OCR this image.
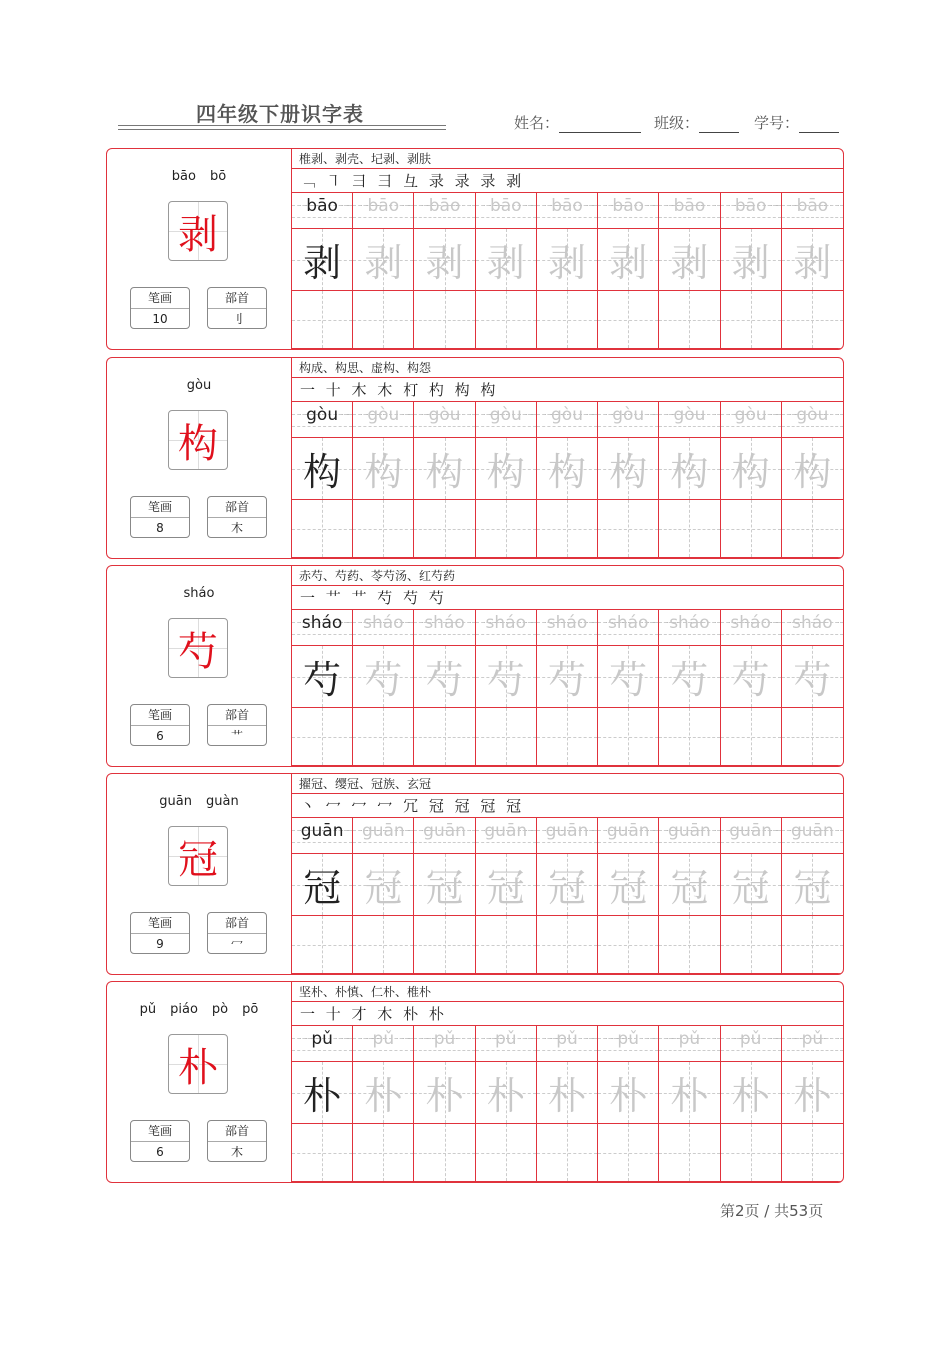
四年级下册识字表	姓名：	班级：	学号：
bāo bō
剥
笔画
10
部首
刂
椎剥、剥壳、圮剥、剥肤
﹁ ㇕ ⺕ 彐 彑 录 录 录 剥
bāo bāo bāo bāo bāo bāo bāo bāo bāo
剥 剥 剥 剥 剥 剥 剥 剥 剥
gòu
构
笔画
8
部首
木
构成、构思、虚构、构怨
一 十 木 木 朾 杓 构 构
gòu gòu gòu gòu gòu gòu gòu gòu gòu
构 构 构 构 构 构 构 构 构
sháo
芍
笔画
6
部首
艹
赤芍、芍药、苓芍汤、红芍药
一 艹 艹 芍 芍 芍
sháo sháo sháo sháo sháo sháo sháo sháo sháo
芍 芍 芍 芍 芍 芍 芍 芍 芍
guān guàn
冠
笔画
9
部首
冖
擢冠、缨冠、冠族、玄冠
丶 冖 冖 冖 冗 冠 冠 冠 冠
guān guān guān guān guān guān guān guān guān
冠 冠 冠 冠 冠 冠 冠 冠 冠
pǔ piáo pò pō
朴
笔画
6
部首
木
坚朴、朴慎、仁朴、椎朴
一 十 才 木 朴 朴
pǔ pǔ pǔ pǔ pǔ pǔ pǔ pǔ pǔ
朴 朴 朴 朴 朴 朴 朴 朴 朴
第2页 / 共53页
